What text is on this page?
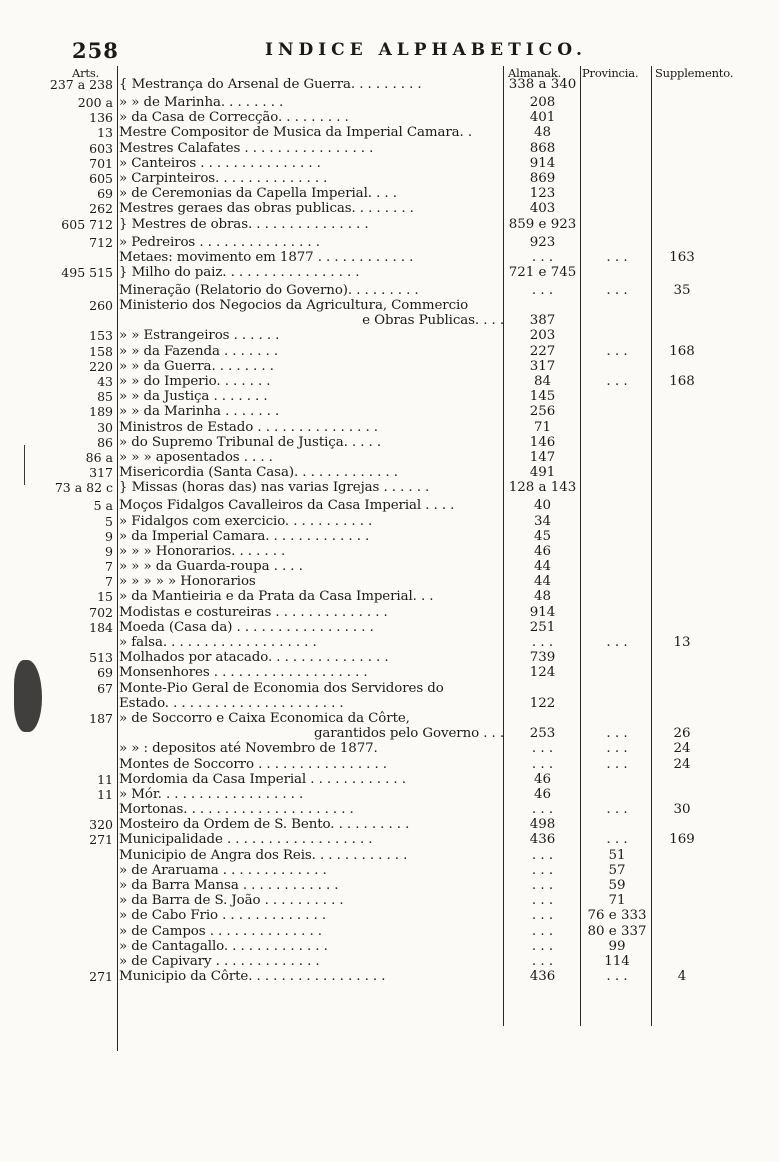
258	INDICE ALPHABETICO.
Arts.	Almanak. Provincia. Supplemento.
237 a 238 { Mestrança do Arsenal de Guerra. . . . . . . . .	338 a 340
200 a » » de Marinha. . . . . . . .	208
136 » da Casa de Correcção. . . . . . . . .	401
13 Mestre Compositor de Musica da Imperial Camara. .	48
603 Mestres Calafates . . . . . . . . . . . . . . . .	868
701 » Canteiros . . . . . . . . . . . . . . .	914
605 » Carpinteiros. . . . . . . . . . . . . .	869
69 » de Ceremonias da Capella Imperial. . . .	123
262 Mestres geraes das obras publicas. . . . . . . .	403
605 712 } Mestres de obras. . . . . . . . . . . . . . .	859 e 923
712 » Pedreiros . . . . . . . . . . . . . . .	923
Metaes: movimento em 1877 . . . . . . . . . . . .	. . .	. . .	163
495 515 } Milho do paiz. . . . . . . . . . . . . . . . .	721 e 745
Mineração (Relatorio do Governo). . . . . . . . .	. . .	. . .	35
260 Ministerio dos Negocios da Agricultura, Commercio
e Obras Publicas. . . .	387
153 » » Estrangeiros . . . . . .	203
158 » » da Fazenda . . . . . . .	227	. . .	168
220 » » da Guerra. . . . . . . .	317
43 » » do Imperio. . . . . . .	84	. . .	168
85 » » da Justiça . . . . . . .	145
189 » » da Marinha . . . . . . .	256
30 Ministros de Estado . . . . . . . . . . . . . . .	71
86 » do Supremo Tribunal de Justiça. . . . .	146
86 a » » » aposentados . . . .	147
317 Misericordia (Santa Casa). . . . . . . . . . . . .	491
73 a 82 c } Missas (horas das) nas varias Igrejas . . . . . .	128 a 143
5 a Moços Fidalgos Cavalleiros da Casa Imperial . . . .	40
5 » Fidalgos com exercicio. . . . . . . . . . .	34
9 » da Imperial Camara. . . . . . . . . . . . .	45
9 » » » Honorarios. . . . . . .	46
7 » » » da Guarda-roupa . . . .	44
7 » » » » » Honorarios	44
15 » da Mantieiria e da Prata da Casa Imperial. . .	48
702 Modistas e costureiras . . . . . . . . . . . . . .	914
184 Moeda (Casa da) . . . . . . . . . . . . . . . . .	251
» falsa. . . . . . . . . . . . . . . . . . .	. . .	. . .	13
513 Molhados por atacado. . . . . . . . . . . . . . .	739
69 Monsenhores . . . . . . . . . . . . . . . . . . .	124
67 Monte-Pio Geral de Economia dos Servidores do
Estado. . . . . . . . . . . . . . . . . . . . . .	122
187 » de Soccorro e Caixa Economica da Côrte,
garantidos pelo Governo . . .	253	. . .	26
» » : depositos até Novembro de 1877.	. . .	. . .	24
Montes de Soccorro . . . . . . . . . . . . . . . .	. . .	. . .	24
11 Mordomia da Casa Imperial . . . . . . . . . . . .	46
11 » Mór. . . . . . . . . . . . . . . . . .	46
Mortonas. . . . . . . . . . . . . . . . . . . . .	. . .	. . .	30
320 Mosteiro da Ordem de S. Bento. . . . . . . . . .	498
271 Municipalidade . . . . . . . . . . . . . . . . . .	436	. . .	169
Municipio de Angra dos Reis. . . . . . . . . . . .	. . .	51
» de Araruama . . . . . . . . . . . . .	. . .	57
» da Barra Mansa . . . . . . . . . . . .	. . .	59
» da Barra de S. João . . . . . . . . . .	. . .	71
» de Cabo Frio . . . . . . . . . . . . .	. . .	76 e 333
» de Campos . . . . . . . . . . . . . .	. . .	80 e 337
» de Cantagallo. . . . . . . . . . . . .	. . .	99
» de Capivary . . . . . . . . . . . . .	. . .	114
271 Municipio da Côrte. . . . . . . . . . . . . . . . .	436	. . .	4
